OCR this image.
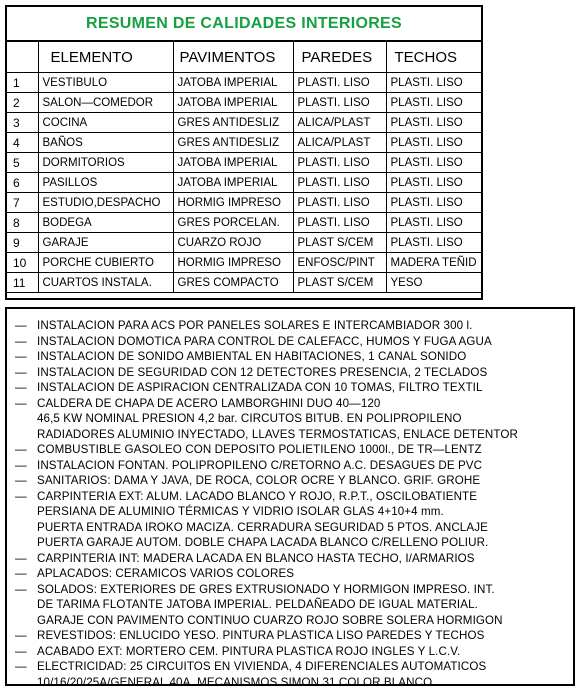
RESUMEN DE CALIDADES INTERIORES
	ELEMENTO	PAVIMENTOS	PAREDES	TECHOS
1	VESTIBULO	JATOBA IMPERIAL	PLASTI. LISO	PLASTI. LISO
2	SALON—COMEDOR	JATOBA IMPERIAL	PLASTI. LISO	PLASTI. LISO
3	COCINA	GRES ANTIDESLIZ	ALICA/PLAST	PLASTI. LISO
4	BAÑOS	GRES ANTIDESLIZ	ALICA/PLAST	PLASTI. LISO
5	DORMITORIOS	JATOBA IMPERIAL	PLASTI. LISO	PLASTI. LISO
6	PASILLOS	JATOBA IMPERIAL	PLASTI. LISO	PLASTI. LISO
7	ESTUDIO,DESPACHO	HORMIG IMPRESO	PLASTI. LISO	PLASTI. LISO
8	BODEGA	GRES PORCELAN.	PLASTI. LISO	PLASTI. LISO
9	GARAJE	CUARZO ROJO	PLAST S/CEM	PLASTI. LISO
10	PORCHE CUBIERTO	HORMIG IMPRESO	ENFOSC/PINT	MADERA TEÑID
11	CUARTOS INSTALA.	GRES COMPACTO	PLAST S/CEM	YESO
— INSTALACION PARA ACS POR PANELES SOLARES E INTERCAMBIADOR 300 l.
— INSTALACION DOMOTICA PARA CONTROL DE CALEFACC, HUMOS Y FUGA AGUA
— INSTALACION DE SONIDO AMBIENTAL EN HABITACIONES, 1 CANAL SONIDO
— INSTALACION DE SEGURIDAD CON 12 DETECTORES PRESENCIA, 2 TECLADOS
— INSTALACION DE ASPIRACION CENTRALIZADA CON 10 TOMAS, FILTRO TEXTIL
— CALDERA DE CHAPA DE ACERO LAMBORGHINI DUO 40—120
46,5 KW NOMINAL PRESION 4,2 bar. CIRCUTOS BITUB. EN POLIPROPILENO
RADIADORES ALUMINIO INYECTADO, LLAVES TERMOSTATICAS, ENLACE DETENTOR
— COMBUSTIBLE GASOLEO CON DEPOSITO POLIETILENO 1000l., DE TR—LENTZ
— INSTALACION FONTAN. POLIPROPILENO C/RETORNO A.C. DESAGUES DE PVC
— SANITARIOS: DAMA Y JAVA, DE ROCA, COLOR OCRE Y BLANCO. GRIF. GROHE
— CARPINTERIA EXT: ALUM. LACADO BLANCO Y ROJO, R.P.T., OSCILOBATIENTE
PERSIANA DE ALUMINIO TÉRMICAS Y VIDRIO ISOLAR GLAS 4+10+4 mm.
PUERTA ENTRADA IROKO MACIZA. CERRADURA SEGURIDAD 5 PTOS. ANCLAJE
PUERTA GARAJE AUTOM. DOBLE CHAPA LACADA BLANCO C/RELLENO POLIUR.
— CARPINTERIA INT: MADERA LACADA EN BLANCO HASTA TECHO, I/ARMARIOS
— APLACADOS: CERAMICOS VARIOS COLORES
— SOLADOS: EXTERIORES DE GRES EXTRUSIONADO Y HORMIGON IMPRESO. INT.
DE TARIMA FLOTANTE JATOBA IMPERIAL. PELDAÑEADO DE IGUAL MATERIAL.
GARAJE CON PAVIMENTO CONTINUO CUARZO ROJO SOBRE SOLERA HORMIGON
— REVESTIDOS: ENLUCIDO YESO. PINTURA PLASTICA LISO PAREDES Y TECHOS
— ACABADO EXT: MORTERO CEM. PINTURA PLASTICA ROJO INGLES Y L.C.V.
— ELECTRICIDAD: 25 CIRCUITOS EN VIVIENDA, 4 DIFERENCIALES AUTOMATICOS
10/16/20/25A/GENERAL 40A. MECANISMOS SIMON 31 COLOR BLANCO
